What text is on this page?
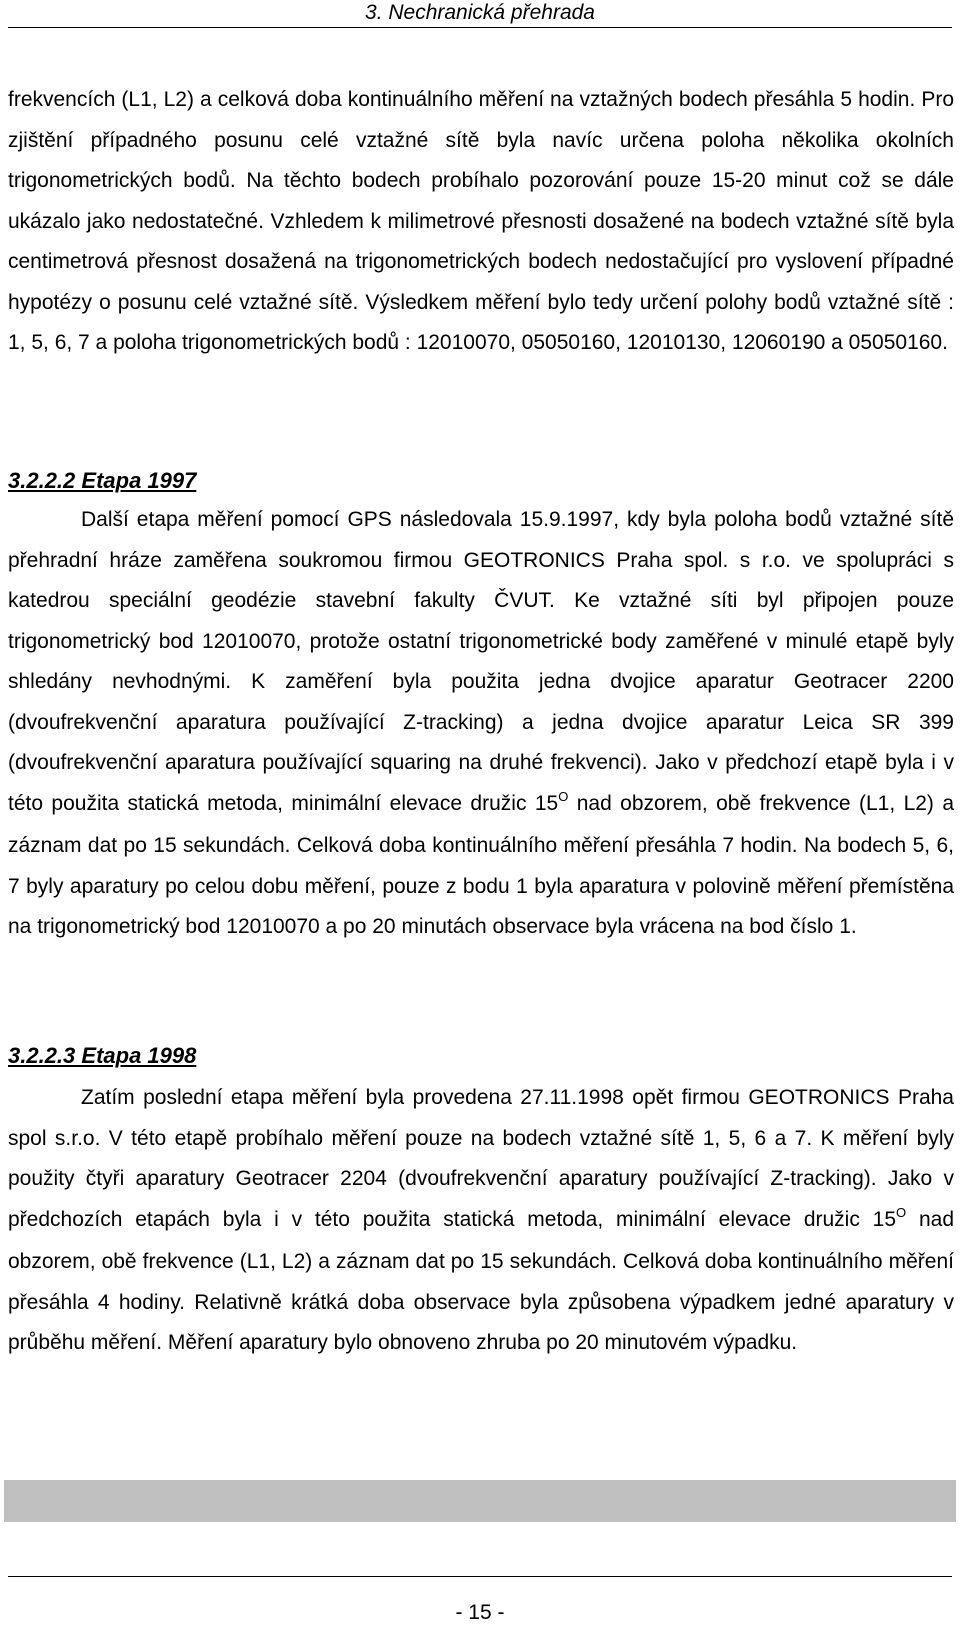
3. Nechranická přehrada

frekvencích (L1, L2) a celková doba kontinuálního měření na vztažných bodech přesáhla 5 hodin. Pro zjištění případného posunu celé vztažné sítě byla navíc určena poloha několika okolních trigonometrických bodů. Na těchto bodech probíhalo pozorování pouze 15-20 minut což se dále ukázalo jako nedostatečné. Vzhledem k milimetrové přesnosti dosažené na bodech vztažné sítě byla centimetrová přesnost dosažená na trigonometrických bodech nedostačující pro vyslovení případné hypotézy o posunu celé vztažné sítě. Výsledkem měření bylo tedy určení polohy bodů vztažné sítě : 1, 5, 6, 7 a poloha trigonometrických bodů : 12010070, 05050160, 12010130, 12060190 a 05050160.

3.2.2.2 Etapa 1997

Další etapa měření pomocí GPS následovala 15.9.1997, kdy byla poloha bodů vztažné sítě přehradní hráze zaměřena soukromou firmou GEOTRONICS Praha spol. s r.o. ve spolupráci s katedrou speciální geodézie stavební fakulty ČVUT. Ke vztažné síti byl připojen pouze trigonometrický bod 12010070, protože ostatní trigonometrické body zaměřené v minulé etapě byly shledány nevhodnými. K zaměření byla použita jedna dvojice aparatur Geotracer 2200 (dvoufrekvenční aparatura používající Z-tracking) a jedna dvojice aparatur Leica SR 399 (dvoufrekvenční aparatura používající squaring na druhé frekvenci). Jako v předchozí etapě byla i v této použita statická metoda, minimální elevace družic $15^O$ nad obzorem, obě frekvence (L1, L2) a záznam dat po 15 sekundách. Celková doba kontinuálního měření přesáhla 7 hodin. Na bodech 5, 6, 7 byly aparatury po celou dobu měření, pouze z bodu 1 byla aparatura v polovině měření přemístěna na trigonometrický bod 12010070 a po 20 minutách observace byla vrácena na bod číslo 1.

3.2.2.3 Etapa 1998

Zatím poslední etapa měření byla provedena 27.11.1998 opět firmou GEOTRONICS Praha spol s.r.o. V této etapě probíhalo měření pouze na bodech vztažné sítě 1, 5, 6 a 7. K měření byly použity čtyři aparatury Geotracer 2204 (dvoufrekvenční aparatury používající Z-tracking). Jako v předchozích etapách byla i v této použita statická metoda, minimální elevace družic $15^O$ nad obzorem, obě frekvence (L1, L2) a záznam dat po 15 sekundách. Celková doba kontinuálního měření přesáhla 4 hodiny. Relativně krátká doba observace byla způsobena výpadkem jedné aparatury v průběhu měření. Měření aparatury bylo obnoveno zhruba po 20 minutovém výpadku.

- 15 -
